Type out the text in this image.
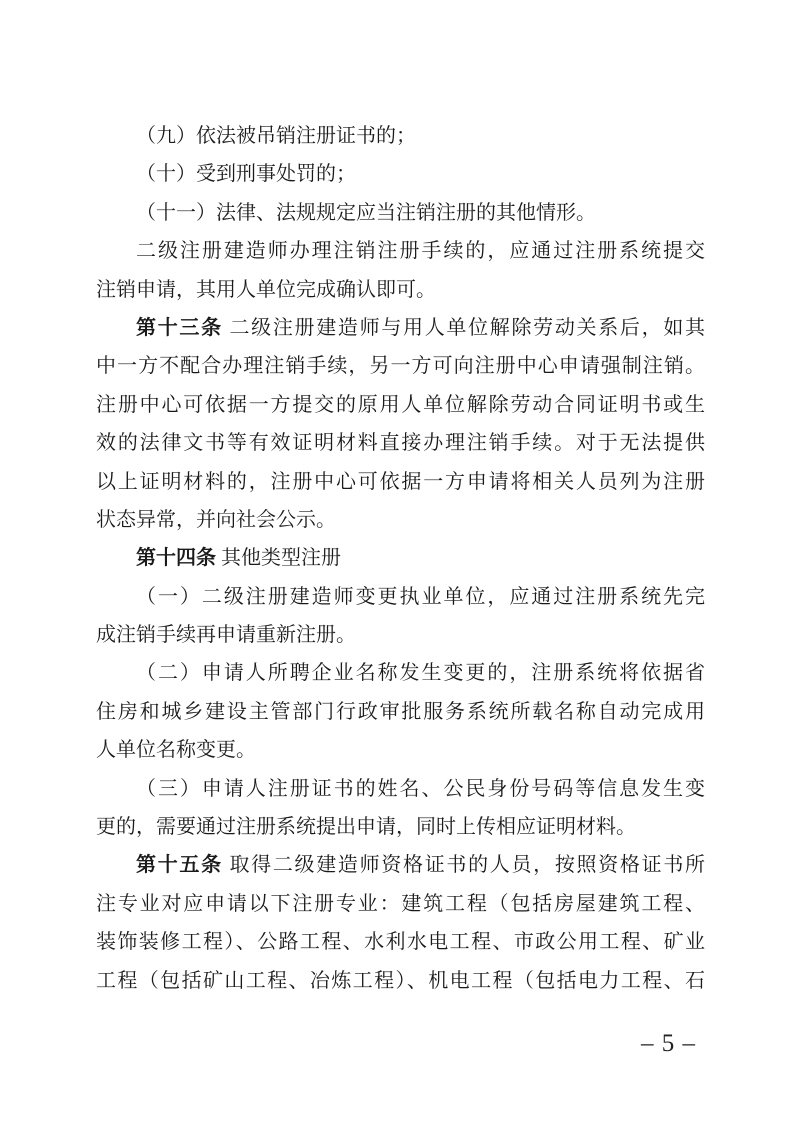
（九）依法被吊销注册证书的；
（十）受到刑事处罚的；
（十一）法律、法规规定应当注销注册的其他情形。
二级注册建造师办理注销注册手续的，应通过注册系统提交
注销申请，其用人单位完成确认即可。
第十三条 二级注册建造师与用人单位解除劳动关系后，如其
中一方不配合办理注销手续，另一方可向注册中心申请强制注销。
注册中心可依据一方提交的原用人单位解除劳动合同证明书或生
效的法律文书等有效证明材料直接办理注销手续。对于无法提供
以上证明材料的，注册中心可依据一方申请将相关人员列为注册
状态异常，并向社会公示。
第十四条 其他类型注册
（一）二级注册建造师变更执业单位，应通过注册系统先完
成注销手续再申请重新注册。
（二）申请人所聘企业名称发生变更的，注册系统将依据省
住房和城乡建设主管部门行政审批服务系统所载名称自动完成用
人单位名称变更。
（三）申请人注册证书的姓名、公民身份号码等信息发生变
更的，需要通过注册系统提出申请，同时上传相应证明材料。
第十五条 取得二级建造师资格证书的人员，按照资格证书所
注专业对应申请以下注册专业：建筑工程（包括房屋建筑工程、
装饰装修工程）、公路工程、水利水电工程、市政公用工程、矿业
工程（包括矿山工程、冶炼工程）、机电工程（包括电力工程、石
– 5 –
